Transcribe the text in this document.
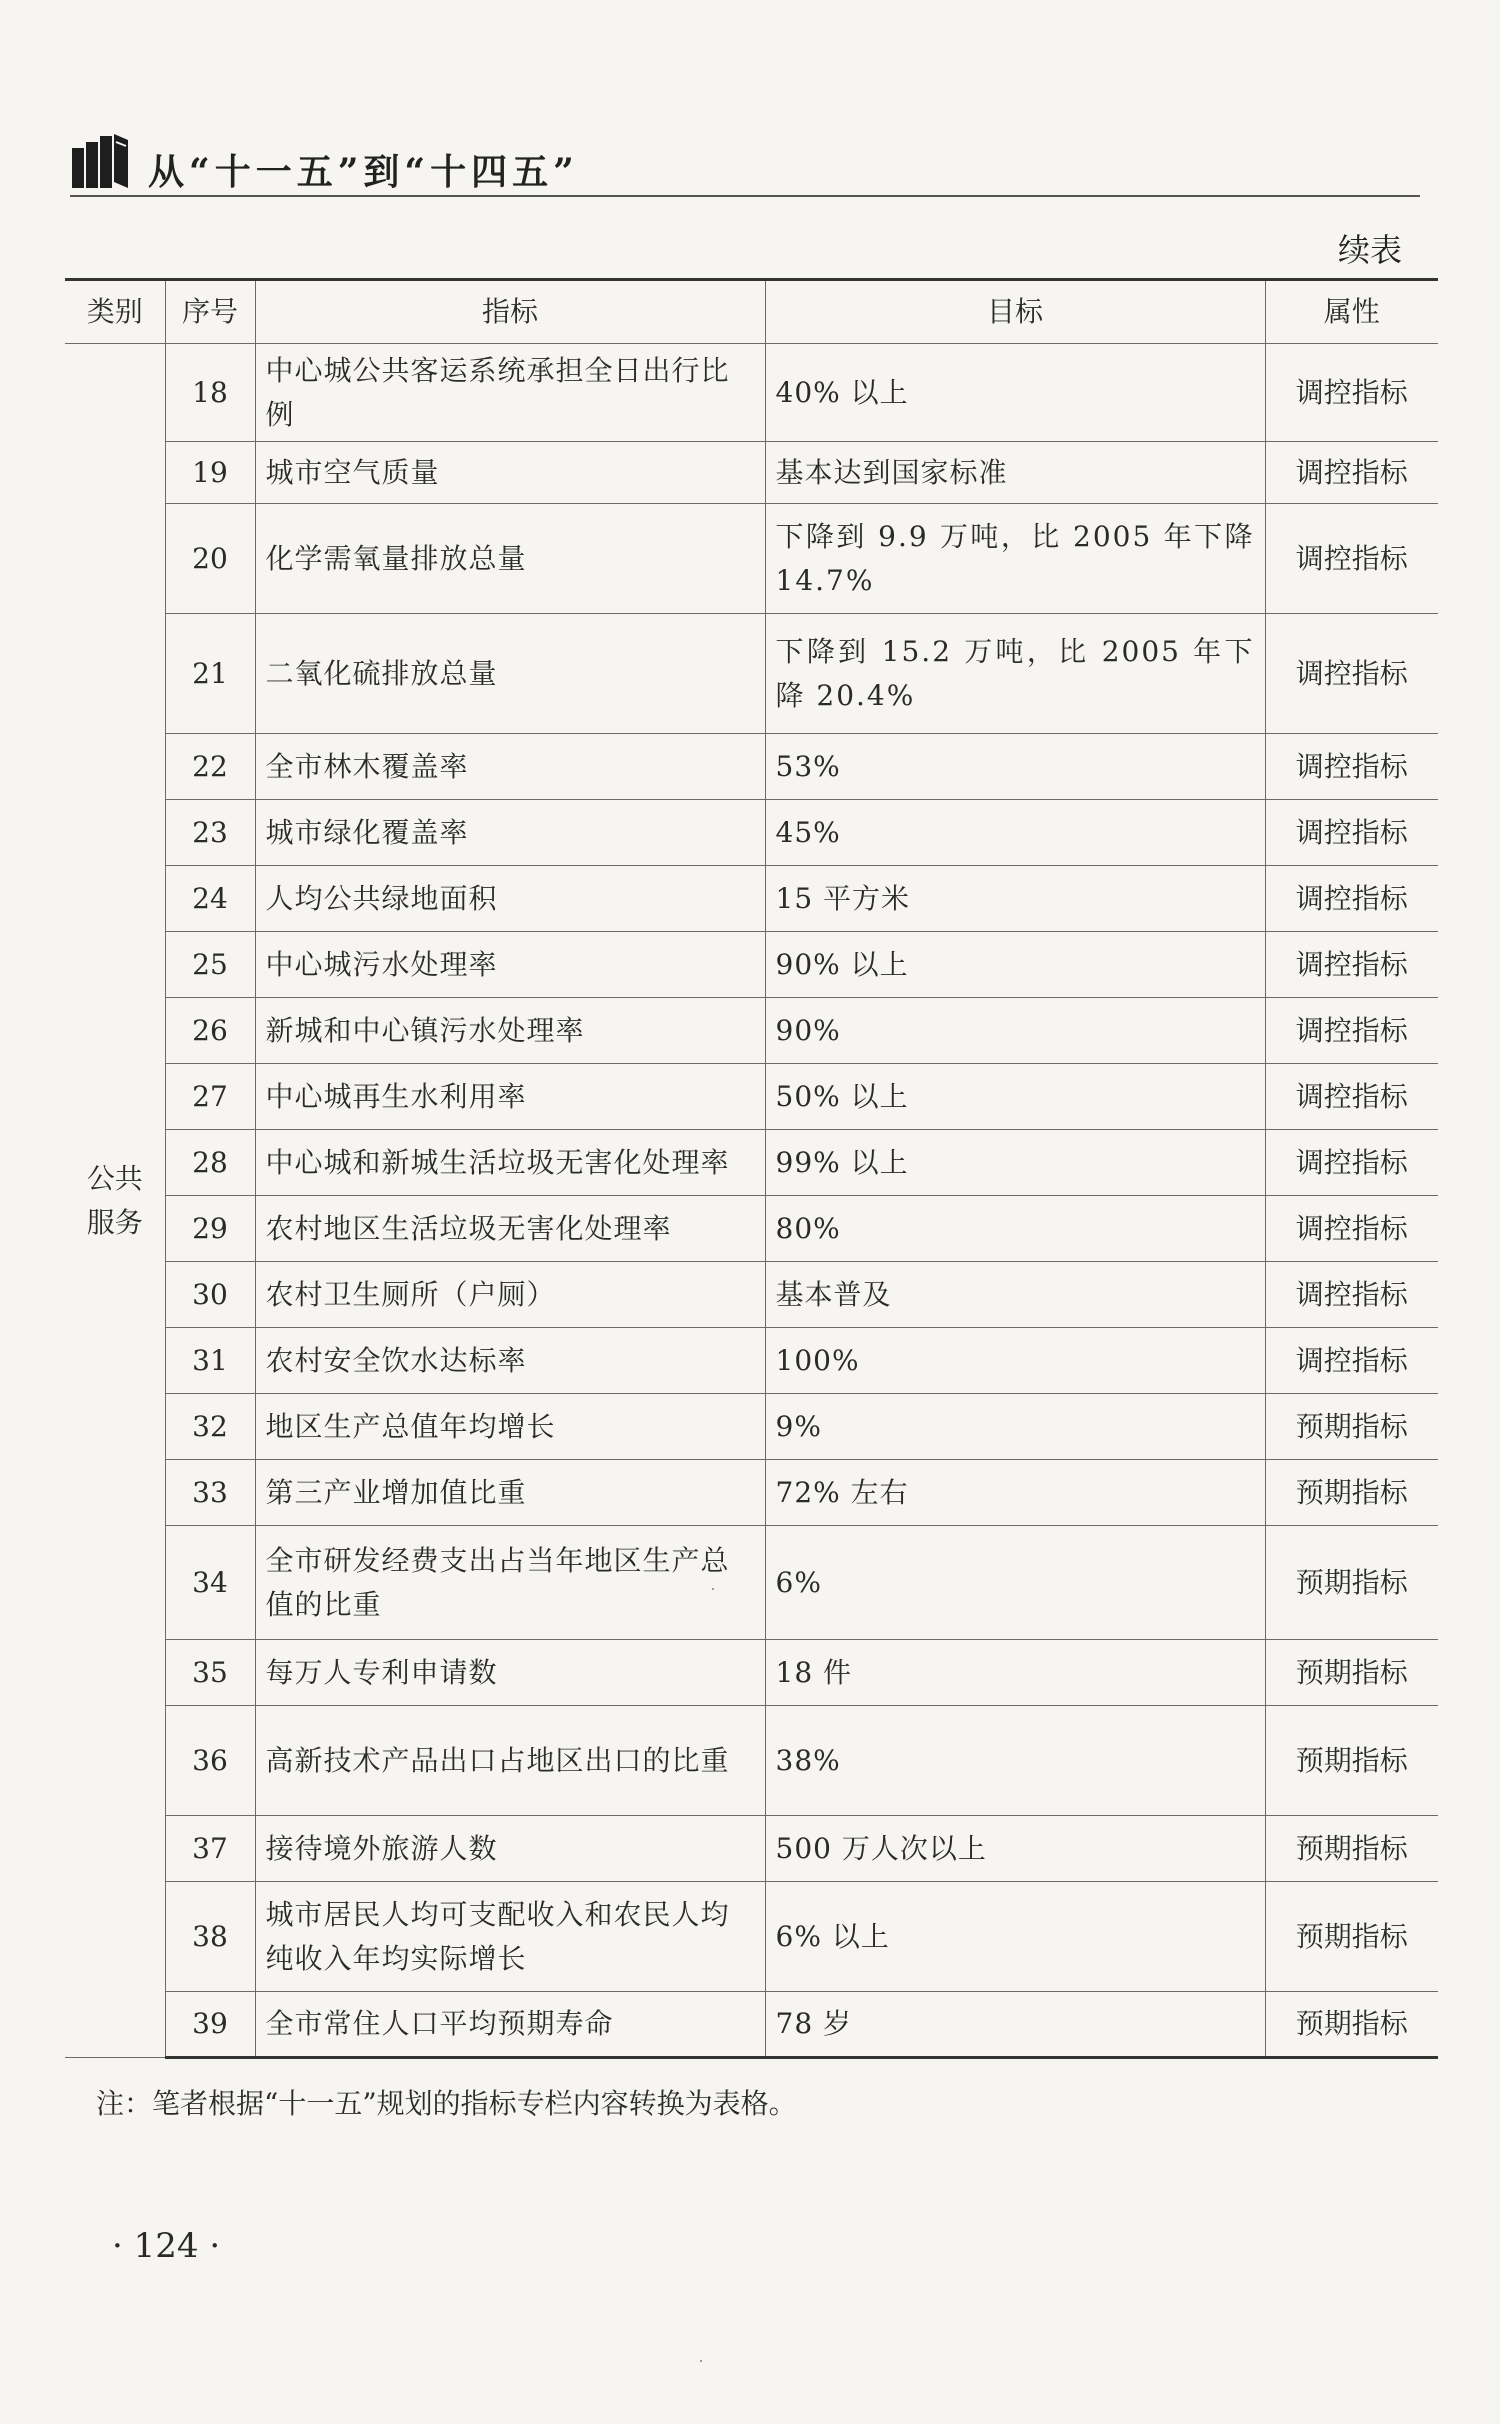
从“十一五”到“十四五”
续表
类别	序号	指标	目标	属性
公共
服务	18	中心城公共客运系统承担全日出行比例	40% 以上	调控指标
	19	城市空气质量	基本达到国家标准	调控指标
	20	化学需氧量排放总量	下降到 9.9 万吨，比 2005 年下降 14.7%	调控指标
	21	二氧化硫排放总量	下降到 15.2 万吨，比 2005 年下降 20.4%	调控指标
	22	全市林木覆盖率	53%	调控指标
	23	城市绿化覆盖率	45%	调控指标
	24	人均公共绿地面积	15 平方米	调控指标
	25	中心城污水处理率	90% 以上	调控指标
	26	新城和中心镇污水处理率	90%	调控指标
	27	中心城再生水利用率	50% 以上	调控指标
	28	中心城和新城生活垃圾无害化处理率	99% 以上	调控指标
	29	农村地区生活垃圾无害化处理率	80%	调控指标
	30	农村卫生厕所（户厕）	基本普及	调控指标
	31	农村安全饮水达标率	100%	调控指标
	32	地区生产总值年均增长	9%	预期指标
	33	第三产业增加值比重	72% 左右	预期指标
	34	全市研发经费支出占当年地区生产总值的比重	6%	预期指标
	35	每万人专利申请数	18 件	预期指标
	36	高新技术产品出口占地区出口的比重	38%	预期指标
	37	接待境外旅游人数	500 万人次以上	预期指标
	38	城市居民人均可支配收入和农民人均纯收入年均实际增长	6% 以上	预期指标
	39	全市常住人口平均预期寿命	78 岁	预期指标
注：笔者根据“十一五”规划的指标专栏内容转换为表格。
· 124 ·
